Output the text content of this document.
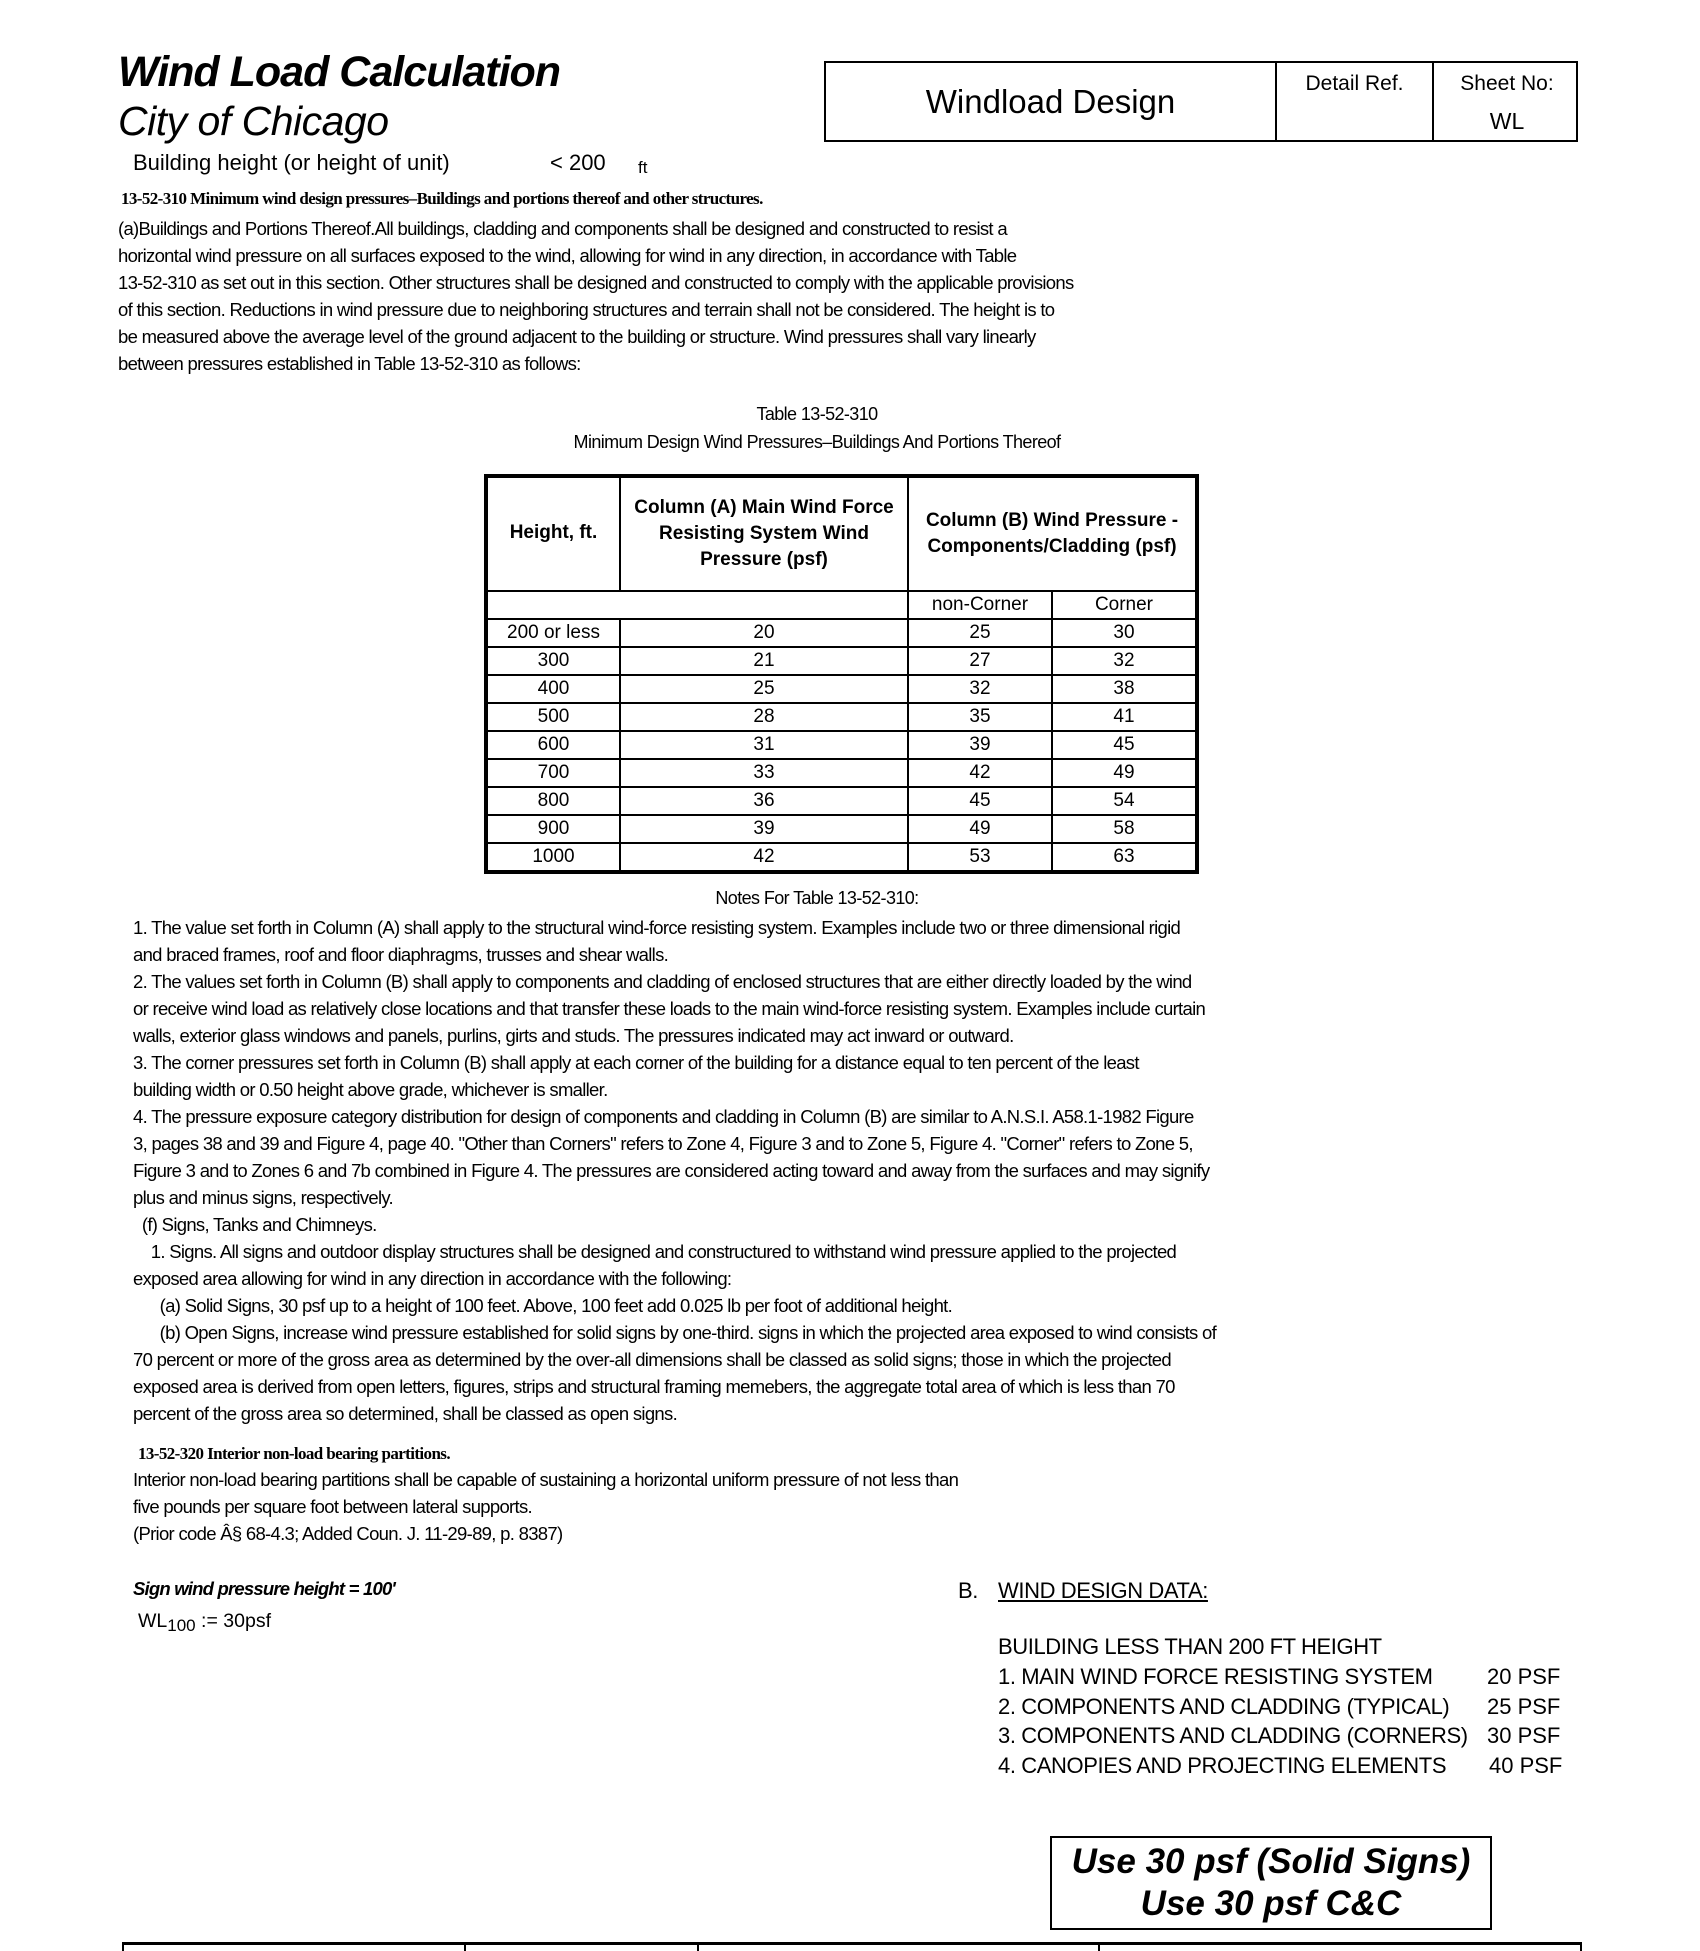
Wind Load Calculation
City of Chicago
Building height (or height of unit)	< 200 ft
Windload Design	Detail Ref.	Sheet No:
WL
13-52-310 Minimum wind design pressures–Buildings and portions thereof and other structures.
(a)Buildings and Portions Thereof.All buildings, cladding and components shall be designed and constructed to resist a
horizontal wind pressure on all surfaces exposed to the wind, allowing for wind in any direction, in accordance with Table
13-52-310 as set out in this section. Other structures shall be designed and constructed to comply with the applicable provisions
of this section. Reductions in wind pressure due to neighboring structures and terrain shall not be considered. The height is to
be measured above the average level of the ground adjacent to the building or structure. Wind pressures shall vary linearly
between pressures established in Table 13-52-310 as follows:
Table 13-52-310
Minimum Design Wind Pressures–Buildings And Portions Thereof
Height, ft.	Column (A) Main Wind Force Resisting System Wind Pressure (psf)	Column (B) Wind Pressure - Components/Cladding (psf)	
		non-Corner	Corner
200 or less	20	25	30
300	21	27	32
400	25	32	38
500	28	35	41
600	31	39	45
700	33	42	49
800	36	45	54
900	39	49	58
1000	42	53	63
Notes For Table 13-52-310:
1. The value set forth in Column (A) shall apply to the structural wind-force resisting system. Examples include two or three dimensional rigid
and braced frames, roof and floor diaphragms, trusses and shear walls.
2. The values set forth in Column (B) shall apply to components and cladding of enclosed structures that are either directly loaded by the wind
or receive wind load as relatively close locations and that transfer these loads to the main wind-force resisting system. Examples include curtain
walls, exterior glass windows and panels, purlins, girts and studs. The pressures indicated may act inward or outward.
3. The corner pressures set forth in Column (B) shall apply at each corner of the building for a distance equal to ten percent of the least
building width or 0.50 height above grade, whichever is smaller.
4. The pressure exposure category distribution for design of components and cladding in Column (B) are similar to A.N.S.I. A58.1-1982 Figure
3, pages 38 and 39 and Figure 4, page 40. "Other than Corners" refers to Zone 4, Figure 3 and to Zone 5, Figure 4. "Corner" refers to Zone 5,
Figure 3 and to Zones 6 and 7b combined in Figure 4. The pressures are considered acting toward and away from the surfaces and may signify
plus and minus signs, respectively.
(f) Signs, Tanks and Chimneys.
1. Signs. All signs and outdoor display structures shall be designed and constructured to withstand wind pressure applied to the projected
exposed area allowing for wind in any direction in accordance with the following:
(a) Solid Signs, 30 psf up to a height of 100 feet. Above, 100 feet add 0.025 lb per foot of additional height.
(b) Open Signs, increase wind pressure established for solid signs by one-third. signs in which the projected area exposed to wind consists of
70 percent or more of the gross area as determined by the over-all dimensions shall be classed as solid signs; those in which the projected
exposed area is derived from open letters, figures, strips and structural framing memebers, the aggregate total area of which is less than 70
percent of the gross area so determined, shall be classed as open signs.
13-52-320 Interior non-load bearing partitions.
Interior non-load bearing partitions shall be capable of sustaining a horizontal uniform pressure of not less than
five pounds per square foot between lateral supports.
(Prior code Â§ 68-4.3; Added Coun. J. 11-29-89, p. 8387)
Sign wind pressure height = 100'
$WL_{100}$ := 30psf
B. WIND DESIGN DATA:
BUILDING LESS THAN 200 FT HEIGHT
1. MAIN WIND FORCE RESISTING SYSTEM 20 PSF
2. COMPONENTS AND CLADDING (TYPICAL) 25 PSF
3. COMPONENTS AND CLADDING (CORNERS) 30 PSF
4. CANOPIES AND PROJECTING ELEMENTS 40 PSF
Use 30 psf (Solid Signs)
Use 30 psf C&C
